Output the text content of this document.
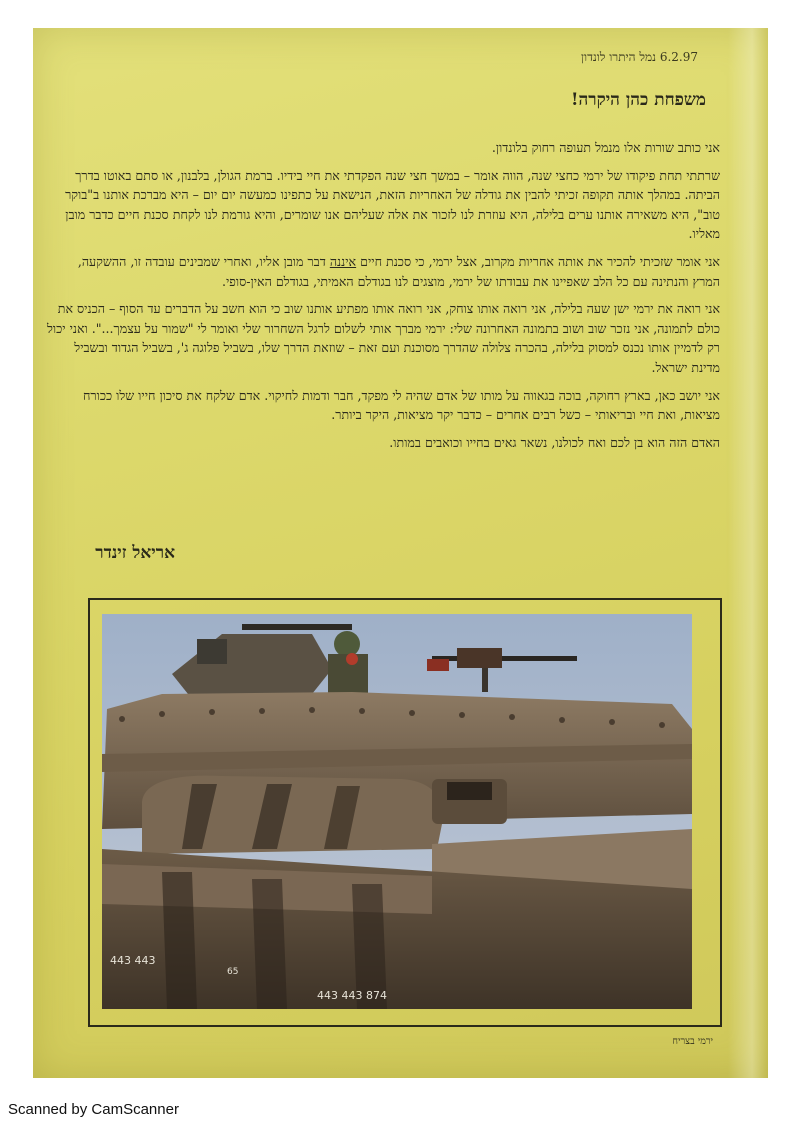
6.2.97 נמל היתרו לונדון
משפחת כהן היקרה!

אני כותב שורות אלו מנמל תעופה רחוק בלונדון.

שרתתי תחת פיקודו של ירמי כחצי שנה, הווה אומר – במשך חצי שנה הפקדתי את חיי בידיו. ברמת הגולן, בלבנון, או סתם באוטו בדרך הביתה. במהלך אותה תקופה זכיתי להבין את גודלה של האחריות הזאת, הנישאת על כתפינו כמעשה יום יום – היא מברכת אותנו ב"בוקר טוב", היא משאירה אותנו ערים בלילה, היא עוזרת לנו לזכור את אלה שעליהם אנו שומרים, והיא גורמת לנו לקחת סכנת חיים כדבר מובן מאליו.

אני אומר שזכיתי להכיר את אותה אחריות מקרוב, אצל ירמי, כי סכנת חיים איננה דבר מובן אליו, ואחרי שמבינים עובדה זו, ההשקעה, המרץ והנתינה עם כל הלב שאפיינו את עבודתו של ירמי, מוצגים לנו בגודלם האמיתי, בגודלם האין-סופי.

אני רואה את ירמי ישן שעה בלילה, אני רואה אותו צוחק, אני רואה אותו מפתיע אותנו שוב כי הוא חשב על הדברים עד הסוף – הכניס את כולם לתמונה, אני נזכר שוב ושוב בתמונה האחרונה שלי: ירמי מברך אותי לשלום לרגל השחרור שלי ואומר לי "שמור על עצמך...". ואני יכול רק לדמיין אותו נכנס למסוק בלילה, בהכרה צלולה שהדרך מסוכנת ועם זאת – שוזאת הדרך שלו, בשביל פלוגה ג', בשביל הגדוד ובשביל מדינת ישראל.

אני יושב כאן, בארץ רחוקה, בוכה בגאווה על מותו של אדם שהיה לי מפקד, חבר ודמות לחיקוי. אדם שלקח את סיכון חייו שלו ככורח מציאות, ואת חיי ובריאותי – כשל רבים אחרים – כדבר יקר מציאות, היקר ביותר.

האדם הזה הוא בן לכם ואח לכולנו, נשאר גאים בחייו וכואבים במותו.

אריאל זינדר
443 443
65
443 443 874
ירמי בצריח
Scanned by CamScanner
